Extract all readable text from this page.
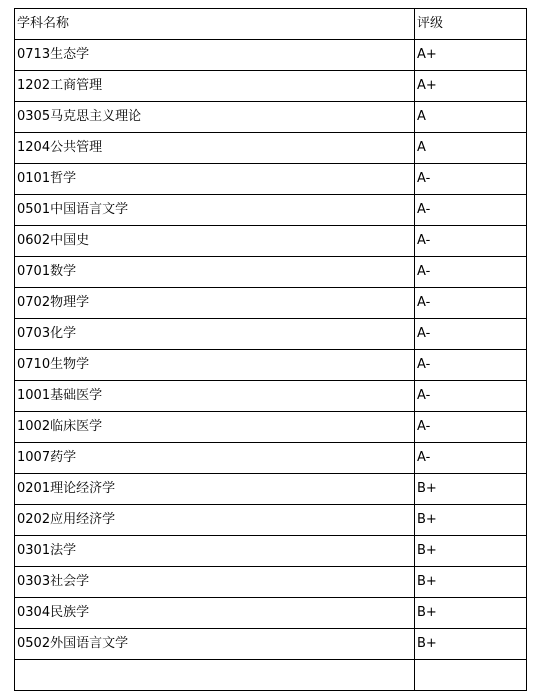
学科名称	评级
0713生态学	A+
1202工商管理	A+
0305马克思主义理论	A
1204公共管理	A
0101哲学	A-
0501中国语言文学	A-
0602中国史	A-
0701数学	A-
0702物理学	A-
0703化学	A-
0710生物学	A-
1001基础医学	A-
1002临床医学	A-
1007药学	A-
0201理论经济学	B+
0202应用经济学	B+
0301法学	B+
0303社会学	B+
0304民族学	B+
0502外国语言文学	B+
